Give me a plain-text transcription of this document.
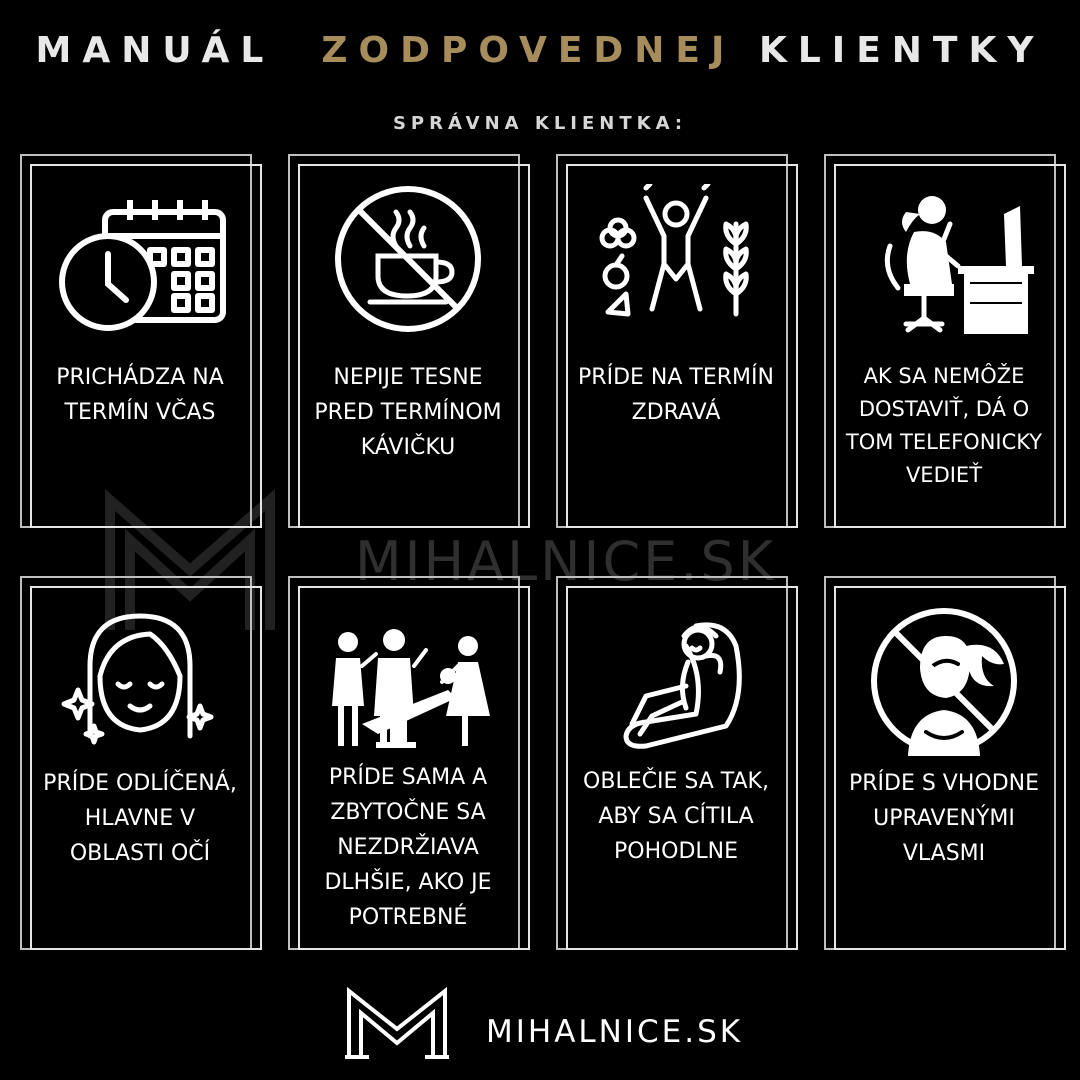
MANUÁL ZODPOVEDNEJ KLIENTKY
SPRÁVNA KLIENTKA:
MIHALNICE.SK
PRICHÁDZA NA TERMÍN VČAS
NEPIJE TESNE PRED TERMÍNOM KÁVIČKU
PRÍDE NA TERMÍN ZDRAVÁ
AK SA NEMÔŽE DOSTAVIŤ, DÁ O TOM TELEFONICKY VEDIEŤ
PRÍDE ODLÍČENÁ, HLAVNE V OBLASTI OČÍ
PRÍDE SAMA A ZBYTOČNE SA NEZDRŽIAVA DLHŠIE, AKO JE POTREBNÉ
OBLEČIE SA TAK, ABY SA CÍTILA POHODLNE
PRÍDE S VHODNE UPRAVENÝMI VLASMI
MIHALNICE.SK
